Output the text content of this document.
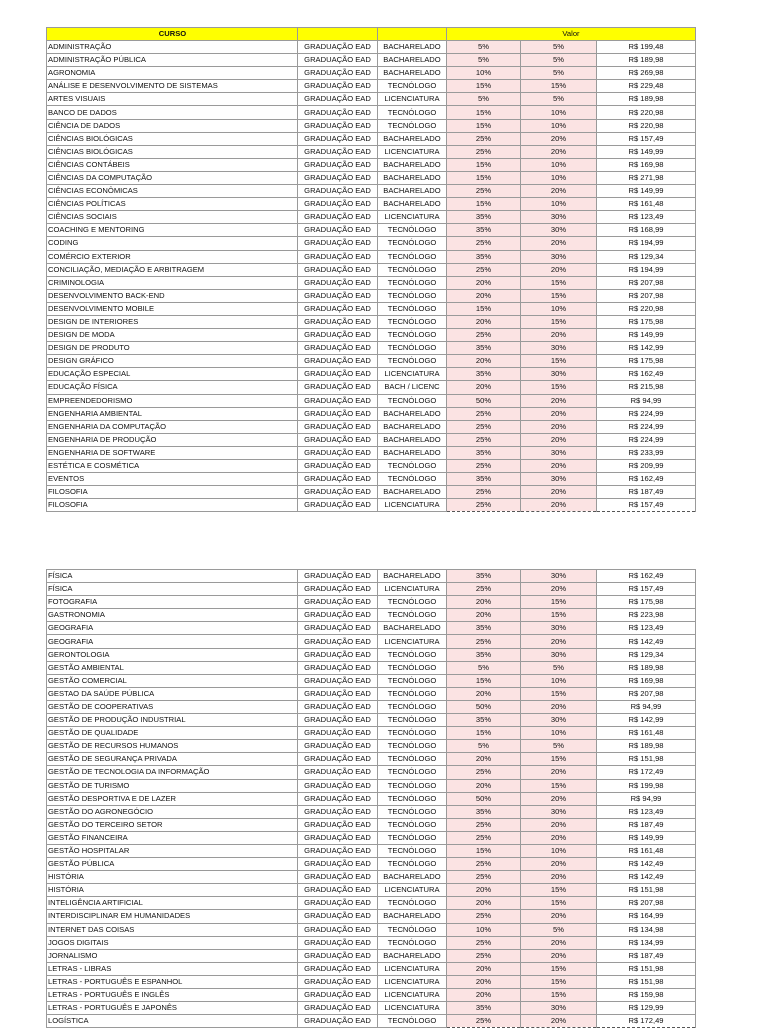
CURSO			Valor		
ADMINISTRAÇÃO	GRADUAÇÃO EAD	BACHARELADO	5%	5%	R$ 199,48
ADMINISTRAÇÃO PÚBLICA	GRADUAÇÃO EAD	BACHARELADO	5%	5%	R$ 189,98
AGRONOMIA	GRADUAÇÃO EAD	BACHARELADO	10%	5%	R$ 269,98
ANÁLISE E DESENVOLVIMENTO DE SISTEMAS	GRADUAÇÃO EAD	TECNÓLOGO	15%	15%	R$ 229,48
ARTES VISUAIS	GRADUAÇÃO EAD	LICENCIATURA	5%	5%	R$ 189,98
BANCO DE DADOS	GRADUAÇÃO EAD	TECNÓLOGO	15%	10%	R$ 220,98
CIÊNCIA DE DADOS	GRADUAÇÃO EAD	TECNÓLOGO	15%	10%	R$ 220,98
CIÊNCIAS BIOLÓGICAS	GRADUAÇÃO EAD	BACHARELADO	25%	20%	R$ 157,49
CIÊNCIAS BIOLÓGICAS	GRADUAÇÃO EAD	LICENCIATURA	25%	20%	R$ 149,99
CIÊNCIAS CONTÁBEIS	GRADUAÇÃO EAD	BACHARELADO	15%	10%	R$ 169,98
CIÊNCIAS DA COMPUTAÇÃO	GRADUAÇÃO EAD	BACHARELADO	15%	10%	R$ 271,98
CIÊNCIAS ECONÔMICAS	GRADUAÇÃO EAD	BACHARELADO	25%	20%	R$ 149,99
CIÊNCIAS POLÍTICAS	GRADUAÇÃO EAD	BACHARELADO	15%	10%	R$ 161,48
CIÊNCIAS SOCIAIS	GRADUAÇÃO EAD	LICENCIATURA	35%	30%	R$ 123,49
COACHING E MENTORING	GRADUAÇÃO EAD	TECNÓLOGO	35%	30%	R$ 168,99
CODING	GRADUAÇÃO EAD	TECNÓLOGO	25%	20%	R$ 194,99
COMÉRCIO EXTERIOR	GRADUAÇÃO EAD	TECNÓLOGO	35%	30%	R$ 129,34
CONCILIAÇÃO, MEDIAÇÃO E ARBITRAGEM	GRADUAÇÃO EAD	TECNÓLOGO	25%	20%	R$ 194,99
CRIMINOLOGIA	GRADUAÇÃO EAD	TECNÓLOGO	20%	15%	R$ 207,98
DESENVOLVIMENTO BACK-END	GRADUAÇÃO EAD	TECNÓLOGO	20%	15%	R$ 207,98
DESENVOLVIMENTO MOBILE	GRADUAÇÃO EAD	TECNÓLOGO	15%	10%	R$ 220,98
DESIGN DE INTERIORES	GRADUAÇÃO EAD	TECNÓLOGO	20%	15%	R$ 175,98
DESIGN DE MODA	GRADUAÇÃO EAD	TECNÓLOGO	25%	20%	R$ 149,99
DESIGN DE PRODUTO	GRADUAÇÃO EAD	TECNÓLOGO	35%	30%	R$ 142,99
DESIGN GRÁFICO	GRADUAÇÃO EAD	TECNÓLOGO	20%	15%	R$ 175,98
EDUCAÇÃO ESPECIAL	GRADUAÇÃO EAD	LICENCIATURA	35%	30%	R$ 162,49
EDUCAÇÃO FÍSICA	GRADUAÇÃO EAD	BACH / LICENC	20%	15%	R$ 215,98
EMPREENDEDORISMO	GRADUAÇÃO EAD	TECNÓLOGO	50%	20%	R$ 94,99
ENGENHARIA AMBIENTAL	GRADUAÇÃO EAD	BACHARELADO	25%	20%	R$ 224,99
ENGENHARIA DA COMPUTAÇÃO	GRADUAÇÃO EAD	BACHARELADO	25%	20%	R$ 224,99
ENGENHARIA DE PRODUÇÃO	GRADUAÇÃO EAD	BACHARELADO	25%	20%	R$ 224,99
ENGENHARIA DE SOFTWARE	GRADUAÇÃO EAD	BACHARELADO	35%	30%	R$ 233,99
ESTÉTICA E COSMÉTICA	GRADUAÇÃO EAD	TECNÓLOGO	25%	20%	R$ 209,99
EVENTOS	GRADUAÇÃO EAD	TECNÓLOGO	35%	30%	R$ 162,49
FILOSOFIA	GRADUAÇÃO EAD	BACHARELADO	25%	20%	R$ 187,49
FILOSOFIA	GRADUAÇÃO EAD	LICENCIATURA	25%	20%	R$ 157,49
FÍSICA	GRADUAÇÃO EAD	BACHARELADO	35%	30%	R$ 162,49
FÍSICA	GRADUAÇÃO EAD	LICENCIATURA	25%	20%	R$ 157,49
FOTOGRAFIA	GRADUAÇÃO EAD	TECNÓLOGO	20%	15%	R$ 175,98
GASTRONOMIA	GRADUAÇÃO EAD	TECNÓLOGO	20%	15%	R$ 223,98
GEOGRAFIA	GRADUAÇÃO EAD	BACHARELADO	35%	30%	R$ 123,49
GEOGRAFIA	GRADUAÇÃO EAD	LICENCIATURA	25%	20%	R$ 142,49
GERONTOLOGIA	GRADUAÇÃO EAD	TECNÓLOGO	35%	30%	R$ 129,34
GESTÃO AMBIENTAL	GRADUAÇÃO EAD	TECNÓLOGO	5%	5%	R$ 189,98
GESTÃO COMERCIAL	GRADUAÇÃO EAD	TECNÓLOGO	15%	10%	R$ 169,98
GESTAO DA SAÚDE PÚBLICA	GRADUAÇÃO EAD	TECNÓLOGO	20%	15%	R$ 207,98
GESTÃO DE COOPERATIVAS	GRADUAÇÃO EAD	TECNÓLOGO	50%	20%	R$ 94,99
GESTÃO DE PRODUÇÃO INDUSTRIAL	GRADUAÇÃO EAD	TECNÓLOGO	35%	30%	R$ 142,99
GESTÃO DE QUALIDADE	GRADUAÇÃO EAD	TECNÓLOGO	15%	10%	R$ 161,48
GESTÃO DE RECURSOS HUMANOS	GRADUAÇÃO EAD	TECNÓLOGO	5%	5%	R$ 189,98
GESTÃO DE SEGURANÇA PRIVADA	GRADUAÇÃO EAD	TECNÓLOGO	20%	15%	R$ 151,98
GESTÃO DE TECNOLOGIA DA INFORMAÇÃO	GRADUAÇÃO EAD	TECNÓLOGO	25%	20%	R$ 172,49
GESTÃO DE TURISMO	GRADUAÇÃO EAD	TECNÓLOGO	20%	15%	R$ 199,98
GESTÃO DESPORTIVA E DE LAZER	GRADUAÇÃO EAD	TECNÓLOGO	50%	20%	R$ 94,99
GESTÃO DO AGRONEGÓCIO	GRADUAÇÃO EAD	TECNÓLOGO	35%	30%	R$ 123,49
GESTÃO DO TERCEIRO SETOR	GRADUAÇÃO EAD	TECNÓLOGO	25%	20%	R$ 187,49
GESTÃO FINANCEIRA	GRADUAÇÃO EAD	TECNÓLOGO	25%	20%	R$ 149,99
GESTÃO HOSPITALAR	GRADUAÇÃO EAD	TECNÓLOGO	15%	10%	R$ 161,48
GESTÃO PÚBLICA	GRADUAÇÃO EAD	TECNÓLOGO	25%	20%	R$ 142,49
HISTÓRIA	GRADUAÇÃO EAD	BACHARELADO	25%	20%	R$ 142,49
HISTÓRIA	GRADUAÇÃO EAD	LICENCIATURA	20%	15%	R$ 151,98
INTELIGÊNCIA ARTIFICIAL	GRADUAÇÃO EAD	TECNÓLOGO	20%	15%	R$ 207,98
INTERDISCIPLINAR EM HUMANIDADES	GRADUAÇÃO EAD	BACHARELADO	25%	20%	R$ 164,99
INTERNET DAS COISAS	GRADUAÇÃO EAD	TECNÓLOGO	10%	5%	R$ 134,98
JOGOS DIGITAIS	GRADUAÇÃO EAD	TECNÓLOGO	25%	20%	R$ 134,99
JORNALISMO	GRADUAÇÃO EAD	BACHARELADO	25%	20%	R$ 187,49
LETRAS - LIBRAS	GRADUAÇÃO EAD	LICENCIATURA	20%	15%	R$ 151,98
LETRAS - PORTUGUÊS E ESPANHOL	GRADUAÇÃO EAD	LICENCIATURA	20%	15%	R$ 151,98
LETRAS - PORTUGUÊS E INGLÊS	GRADUAÇÃO EAD	LICENCIATURA	20%	15%	R$ 159,98
LETRAS - PORTUGUÊS E JAPONÊS	GRADUAÇÃO EAD	LICENCIATURA	35%	30%	R$ 129,99
LOGÍSTICA	GRADUAÇÃO EAD	TECNÓLOGO	25%	20%	R$ 172,49
